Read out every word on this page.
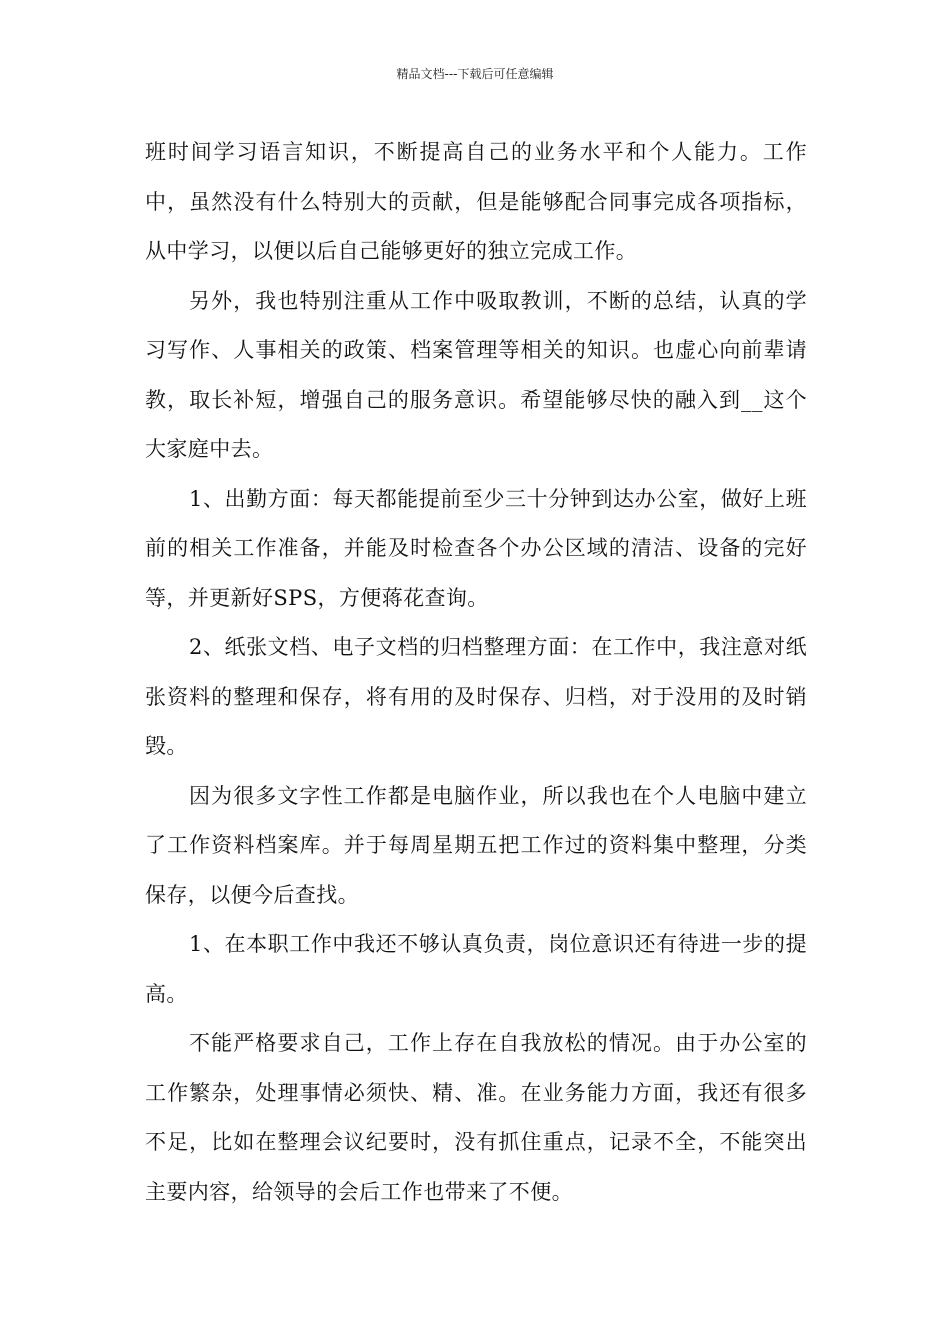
精品文档---下载后可任意编辑

班时间学习语言知识，不断提高自己的业务水平和个人能力。工作中，虽然没有什么特别大的贡献，但是能够配合同事完成各项指标，从中学习，以便以后自己能够更好的独立完成工作。

另外，我也特别注重从工作中吸取教训，不断的总结，认真的学习写作、人事相关的政策、档案管理等相关的知识。也虚心向前辈请教，取长补短，增强自己的服务意识。希望能够尽快的融入到__这个大家庭中去。

1、出勤方面：每天都能提前至少三十分钟到达办公室，做好上班前的相关工作准备，并能及时检查各个办公区域的清洁、设备的完好等，并更新好SPS，方便蒋花查询。

2、纸张文档、电子文档的归档整理方面：在工作中，我注意对纸张资料的整理和保存，将有用的及时保存、归档，对于没用的及时销毁。

因为很多文字性工作都是电脑作业，所以我也在个人电脑中建立了工作资料档案库。并于每周星期五把工作过的资料集中整理，分类保存，以便今后查找。

1、在本职工作中我还不够认真负责，岗位意识还有待进一步的提高。

不能严格要求自己，工作上存在自我放松的情况。由于办公室的工作繁杂，处理事情必须快、精、准。在业务能力方面，我还有很多不足，比如在整理会议纪要时，没有抓住重点，记录不全，不能突出主要内容，给领导的会后工作也带来了不便。
